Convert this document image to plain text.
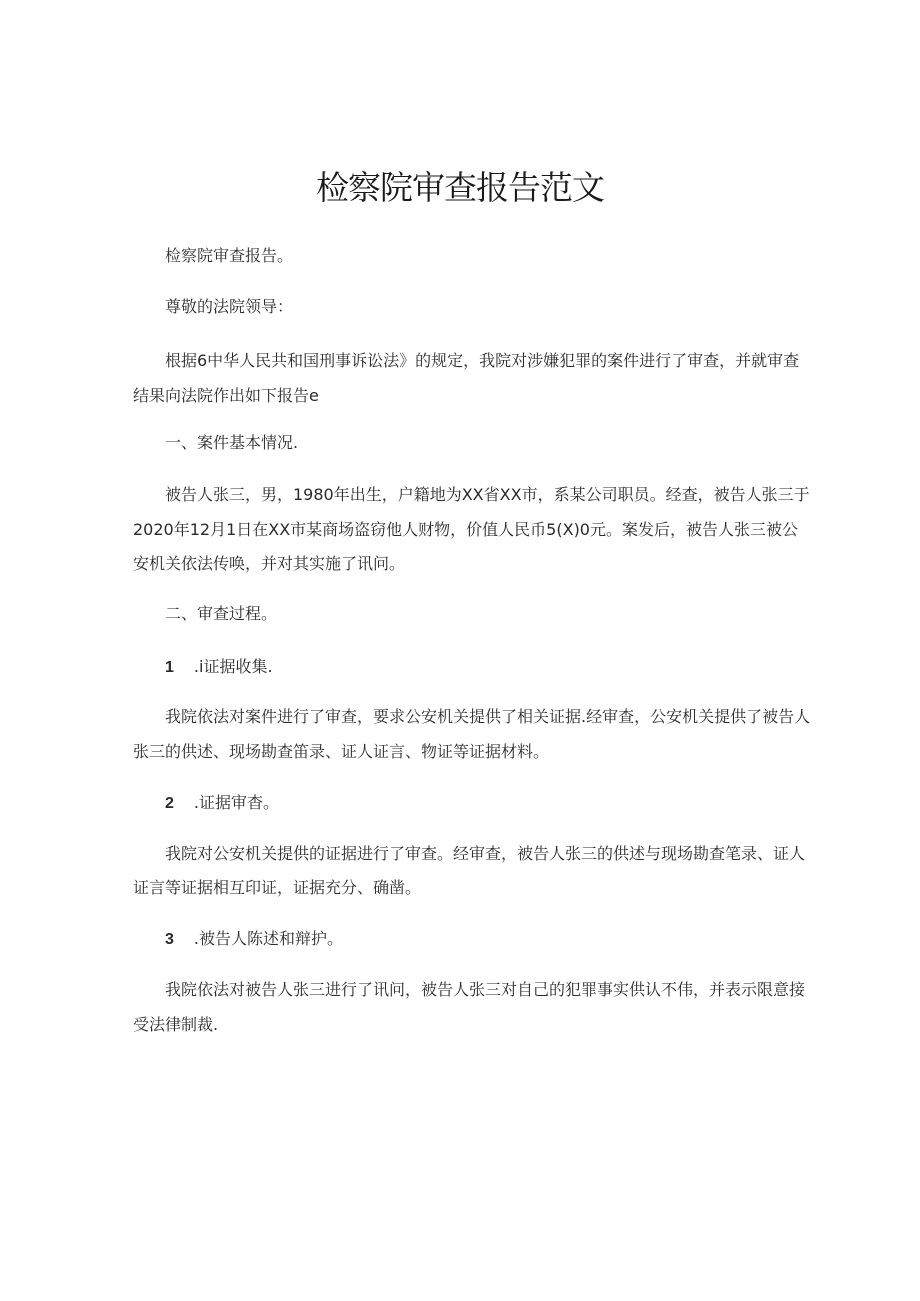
检察院审查报告范文
检察院审查报告。
尊敬的法院领导：
根据6中华人民共和国刑事诉讼法》的规定，我院对涉嫌犯罪的案件进行了审查，并就审查
结果向法院作出如下报告e
一、案件基本情况.
被告人张三，男，1980年出生，户籍地为XX省XX市，系某公司职员。经查，被告人张三于
2020年12月1日在XX市某商场盗窃他人财物，价值人民币5(X)0元。案发后，被告人张三被公
安机关依法传唤，并对其实施了讯问。
二、审查过程。
1 .i证据收集.
我院依法对案件进行了审查，要求公安机关提供了相关证据.经审查，公安机关提供了被告人
张三的供述、现场勘查笛录、证人证言、物证等证据材料。
2 .证据审杳。
我院对公安机关提供的证据进行了审查。经审查，被告人张三的供述与现场勘查笔录、证人
证言等证据相互印证，证据充分、确凿。
3 .被告人陈述和辩护。
我院依法对被告人张三进行了讯问，被告人张三对自己的犯罪事实供认不伟，并表示限意接
受法律制裁.
